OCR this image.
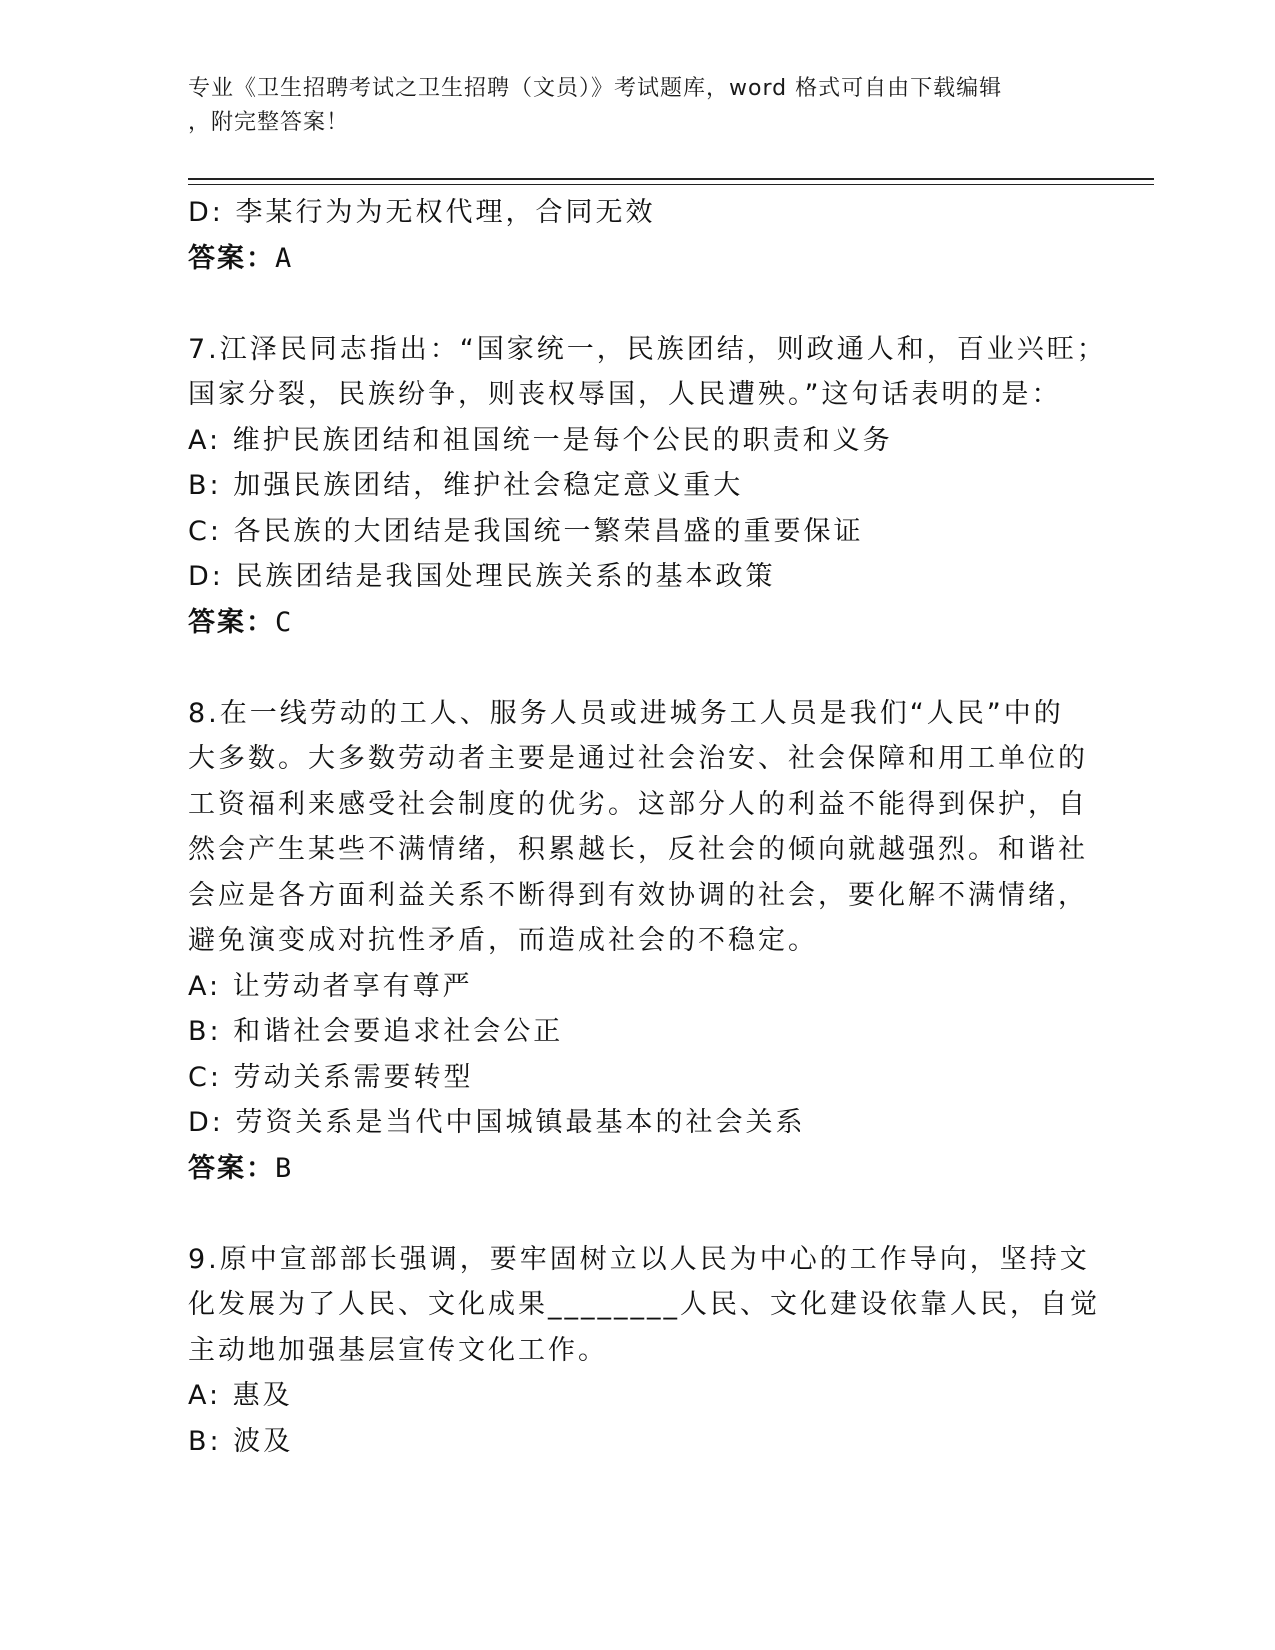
专业《卫生招聘考试之卫生招聘（文员）》考试题库，word 格式可自由下载编辑
，附完整答案！
D: 李某行为为无权代理，合同无效
答案：A
7.江泽民同志指出：“国家统一，民族团结，则政通人和，百业兴旺；
国家分裂，民族纷争，则丧权辱国，人民遭殃。”这句话表明的是：
A: 维护民族团结和祖国统一是每个公民的职责和义务
B: 加强民族团结，维护社会稳定意义重大
C: 各民族的大团结是我国统一繁荣昌盛的重要保证
D: 民族团结是我国处理民族关系的基本政策
答案：C
8.在一线劳动的工人、服务人员或进城务工人员是我们“人民”中的
大多数。大多数劳动者主要是通过社会治安、社会保障和用工单位的
工资福利来感受社会制度的优劣。这部分人的利益不能得到保护，自
然会产生某些不满情绪，积累越长，反社会的倾向就越强烈。和谐社
会应是各方面利益关系不断得到有效协调的社会，要化解不满情绪，
避免演变成对抗性矛盾，而造成社会的不稳定。
A: 让劳动者享有尊严
B: 和谐社会要追求社会公正
C: 劳动关系需要转型
D: 劳资关系是当代中国城镇最基本的社会关系
答案：B
9.原中宣部部长强调，要牢固树立以人民为中心的工作导向，坚持文
化发展为了人民、文化成果________人民、文化建设依靠人民，自觉
主动地加强基层宣传文化工作。
A: 惠及
B: 波及
